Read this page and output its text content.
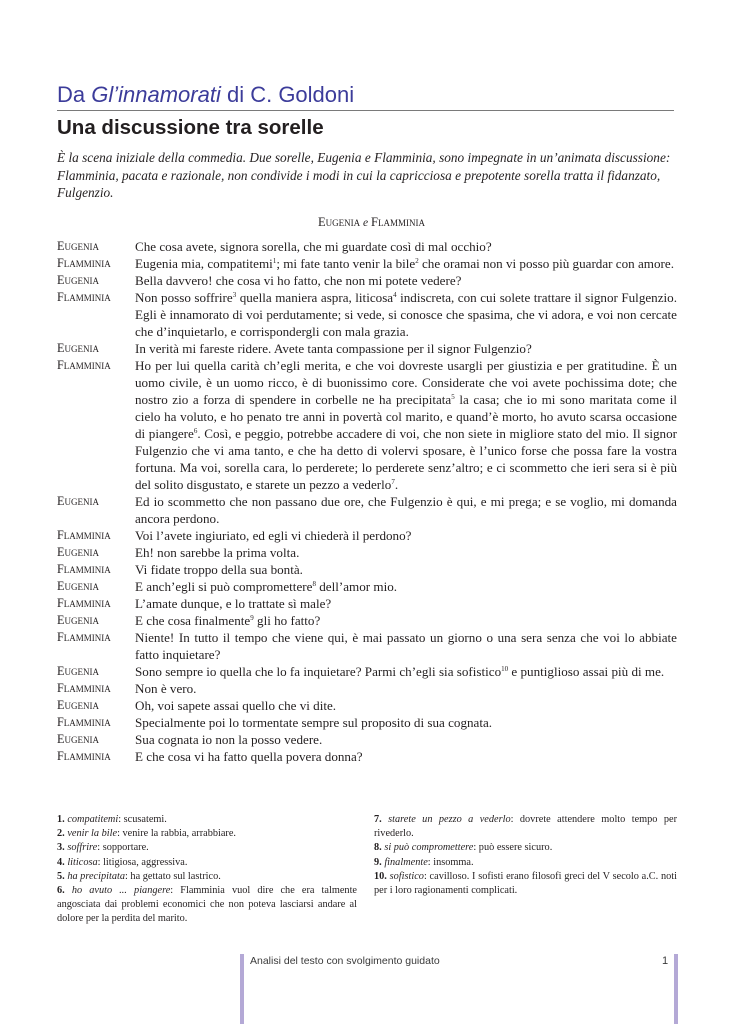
Da Gl’innamorati di C. Goldoni
Una discussione tra sorelle
È la scena iniziale della commedia. Due sorelle, Eugenia e Flamminia, sono impegnate in un’animata discussione: Flamminia, pacata e razionale, non condivide i modi in cui la capricciosa e prepotente sorella tratta il fidanzato, Fulgenzio.
Eugenia e Flamminia
Eugenia	Che cosa avete, signora sorella, che mi guardate così di mal occhio?
Flamminia	Eugenia mia, compatitemi$^1$; mi fate tanto venir la bile$^2$ che oramai non vi posso più guardar con amore.
Eugenia	Bella davvero! che cosa vi ho fatto, che non mi potete vedere?
Flamminia	Non posso soffrire$^3$ quella maniera aspra, liticosa$^4$ indiscreta, con cui solete trattare il signor Fulgenzio. Egli è innamorato di voi perdutamente; si vede, si conosce che spasima, che vi adora, e voi non cercate che d’inquietarlo, e corrispondergli con mala grazia.
Eugenia	In verità mi fareste ridere. Avete tanta compassione per il signor Fulgenzio?
Flamminia	Ho per lui quella carità ch’egli merita, e che voi dovreste usargli per giustizia e per gratitudine. È un uomo civile, è un uomo ricco, è di buonissimo core. Considerate che voi avete pochissima dote; che nostro zio a forza di spendere in corbelle ne ha precipitata$^5$ la casa; che io mi sono maritata come il cielo ha voluto, e ho penato tre anni in povertà col marito, e quand’è morto, ho avuto scarsa occasione di piangere$^6$. Così, e peggio, potrebbe accadere di voi, che non siete in migliore stato del mio. Il signor Fulgenzio che vi ama tanto, e che ha detto di volervi sposare, è l’unico forse che possa fare la vostra fortuna. Ma voi, sorella cara, lo perderete; lo perderete senz’altro; e ci scommetto che ieri sera si è più del solito disgustato, e starete un pezzo a vederlo$^7$.
Eugenia	Ed io scommetto che non passano due ore, che Fulgenzio è qui, e mi prega; e se voglio, mi domanda ancora perdono.
Flamminia	Voi l’avete ingiuriato, ed egli vi chiederà il perdono?
Eugenia	Eh! non sarebbe la prima volta.
Flamminia	Vi fidate troppo della sua bontà.
Eugenia	E anch’egli si può compromettere$^8$ dell’amor mio.
Flamminia	L’amate dunque, e lo trattate sì male?
Eugenia	E che cosa finalmente$^9$ gli ho fatto?
Flamminia	Niente! In tutto il tempo che viene qui, è mai passato un giorno o una sera senza che voi lo abbiate fatto inquietare?
Eugenia	Sono sempre io quella che lo fa inquietare? Parmi ch’egli sia sofistico$^{10}$ e puntiglioso assai più di me.
Flamminia	Non è vero.
Eugenia	Oh, voi sapete assai quello che vi dite.
Flamminia	Specialmente poi lo tormentate sempre sul proposito di sua cognata.
Eugenia	Sua cognata io non la posso vedere.
Flamminia	E che cosa vi ha fatto quella povera donna?
1. compatitemi: scusatemi.
2. venir la bile: venire la rabbia, arrabbiare.
3. soffrire: sopportare.
4. liticosa: litigiosa, aggressiva.
5. ha precipitata: ha gettato sul lastrico.
6. ho avuto ... piangere: Flamminia vuol dire che era talmente angosciata dai problemi economici che non poteva lasciarsi andare al dolore per la perdita del marito.
7. starete un pezzo a vederlo: dovrete attendere molto tempo per rivederlo.
8. si può compromettere: può essere sicuro.
9. finalmente: insomma.
10. sofistico: cavilloso. I sofisti erano filosofi greci del V secolo a.C. noti per i loro ragionamenti complicati.
Analisi del testo con svolgimento guidato	1
